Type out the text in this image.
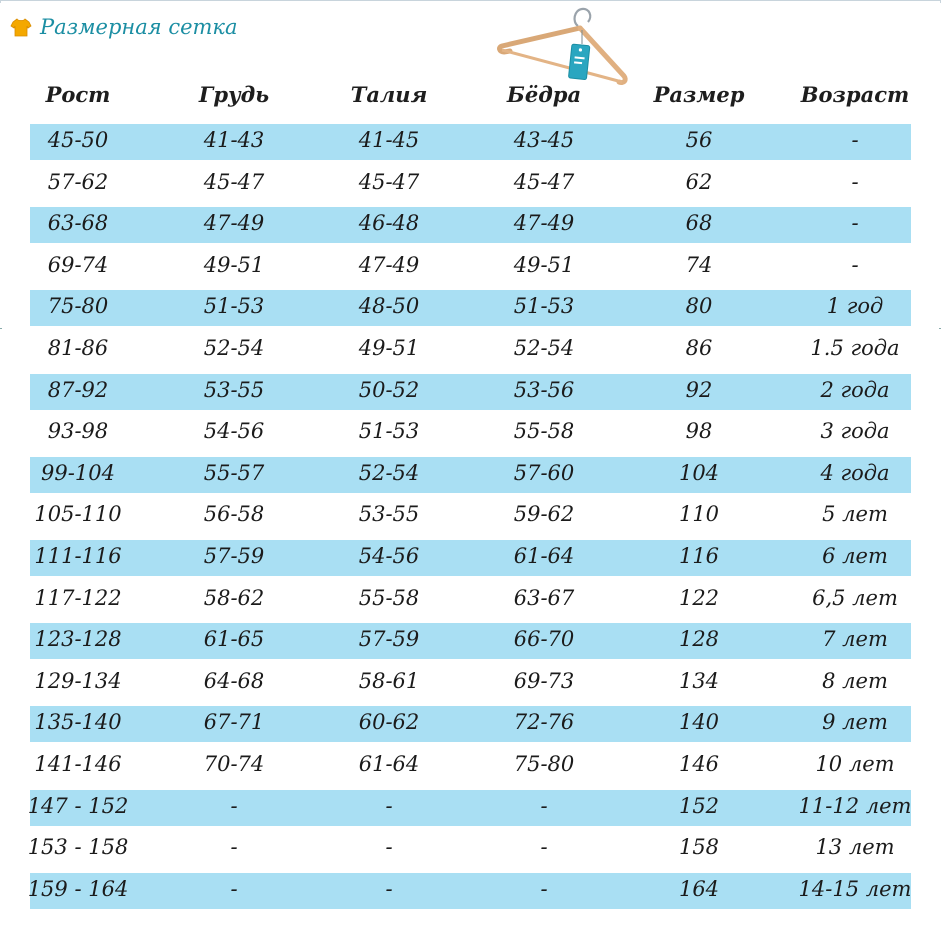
Размерная сетка
Рост	Грудь	Талия	Бёдра	Размер	Возраст
45-50	41-43	41-45	43-45	56	-
57-62	45-47	45-47	45-47	62	-
63-68	47-49	46-48	47-49	68	-
69-74	49-51	47-49	49-51	74	-
75-80	51-53	48-50	51-53	80	1 год
81-86	52-54	49-51	52-54	86	1.5 года
87-92	53-55	50-52	53-56	92	2 года
93-98	54-56	51-53	55-58	98	3 года
99-104	55-57	52-54	57-60	104	4 года
105-110	56-58	53-55	59-62	110	5 лет
111-116	57-59	54-56	61-64	116	6 лет
117-122	58-62	55-58	63-67	122	6,5 лет
123-128	61-65	57-59	66-70	128	7 лет
129-134	64-68	58-61	69-73	134	8 лет
135-140	67-71	60-62	72-76	140	9 лет
141-146	70-74	61-64	75-80	146	10 лет
147 - 152	-	-	-	152	11-12 лет
153 - 158	-	-	-	158	13 лет
159 - 164	-	-	-	164	14-15 лет
